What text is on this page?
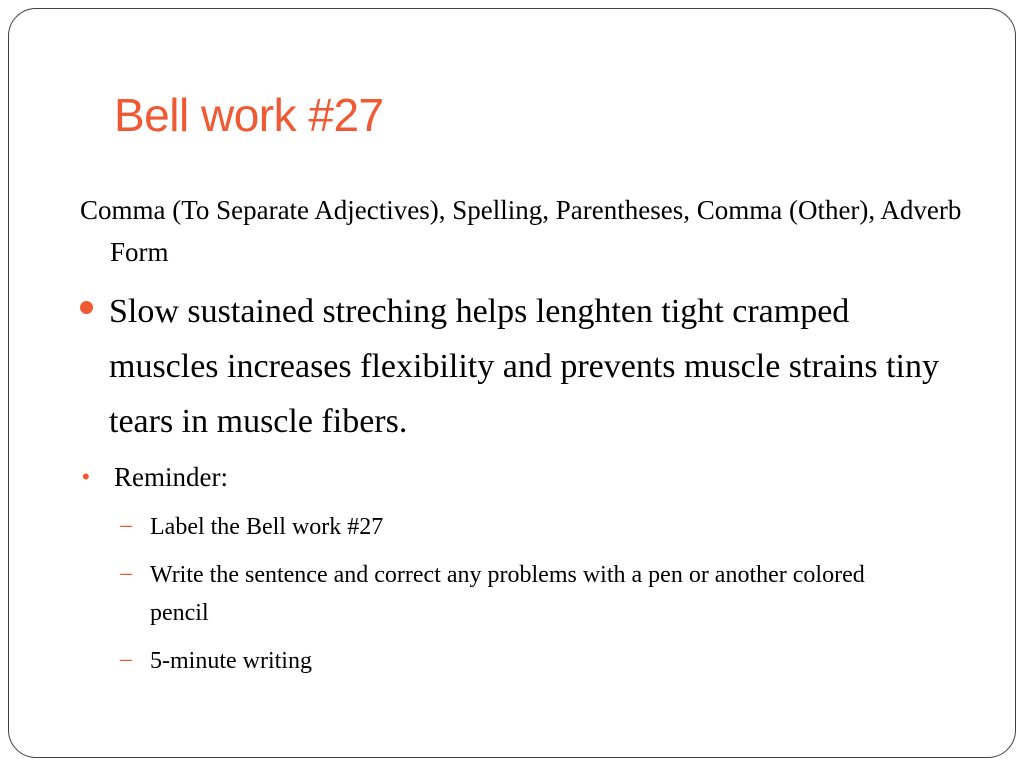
Bell work #27
Comma (To Separate Adjectives), Spelling, Parentheses, Comma (Other), Adverb Form
Slow sustained streching helps lenghten tight cramped muscles increases flexibility and prevents muscle strains tiny tears in muscle fibers.
• Reminder:
– Label the Bell work #27
– Write the sentence and correct any problems with a pen or another colored pencil
– 5-minute writing
